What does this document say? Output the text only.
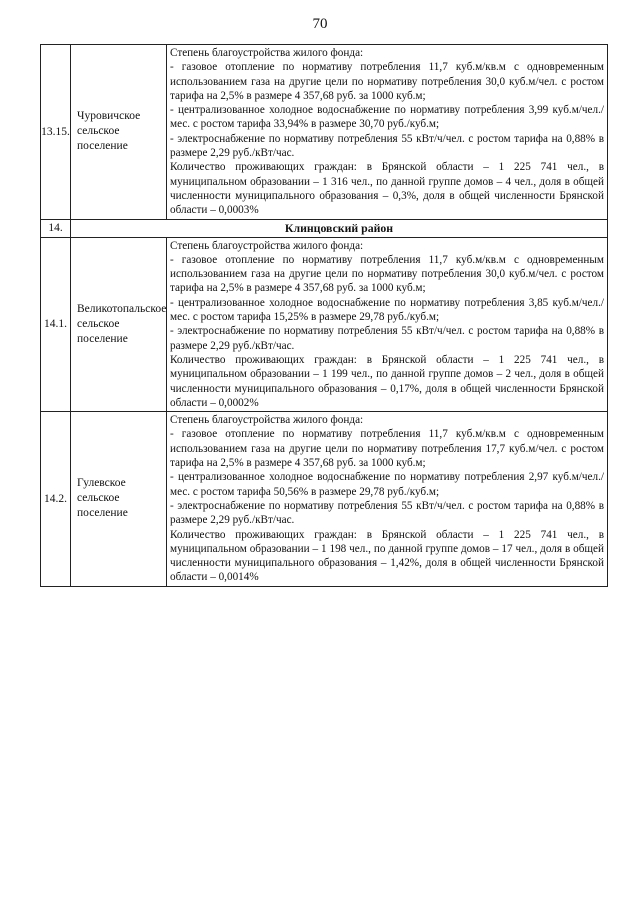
70
13.15.	Чуровичское сельское поселение	Степень благоустройства жилого фонда:
- газовое отопление по нормативу потребления 11,7 куб.м/кв.м с одновременным использованием газа на другие цели по нормативу потребления 30,0 куб.м/чел. с ростом тарифа на 2,5% в размере 4 357,68 руб. за 1000 куб.м;
- централизованное холодное водоснабжение по нормативу потребления 3,99 куб.м/чел./мес. с ростом тарифа 33,94% в размере 30,70 руб./куб.м;
- электроснабжение по нормативу потребления 55 кВт/ч/чел. с ростом тарифа на 0,88% в размере 2,29 руб./кВт/час.
Количество проживающих граждан: в Брянской области – 1 225 741 чел., в муниципальном образовании – 1 316 чел., по данной группе домов – 4 чел., доля в общей численности муниципального образования – 0,3%, доля в общей численности Брянской области – 0,0003%

14.	Клинцовский район	
14.1.	Великотопальское сельское поселение	Степень благоустройства жилого фонда:
- газовое отопление по нормативу потребления 11,7 куб.м/кв.м с одновременным использованием газа на другие цели по нормативу потребления 30,0 куб.м/чел. с ростом тарифа на 2,5% в размере 4 357,68 руб. за 1000 куб.м;
- централизованное холодное водоснабжение по нормативу потребления 3,85 куб.м/чел./мес. с ростом тарифа 15,25% в размере 29,78 руб./куб.м;
- электроснабжение по нормативу потребления 55 кВт/ч/чел. с ростом тарифа на 0,88% в размере 2,29 руб./кВт/час.
Количество проживающих граждан: в Брянской области – 1 225 741 чел., в муниципальном образовании – 1 199 чел., по данной группе домов – 2 чел., доля в общей численности муниципального образования – 0,17%, доля в общей численности Брянской области – 0,0002%

14.2.	Гулевское сельское поселение	Степень благоустройства жилого фонда:
- газовое отопление по нормативу потребления 11,7 куб.м/кв.м с одновременным использованием газа на другие цели по нормативу потребления 17,7 куб.м/чел. с ростом тарифа на 2,5% в размере 4 357,68 руб. за 1000 куб.м;
- централизованное холодное водоснабжение по нормативу потребления 2,97 куб.м/чел./мес. с ростом тарифа 50,56% в размере 29,78 руб./куб.м;
- электроснабжение по нормативу потребления 55 кВт/ч/чел. с ростом тарифа на 0,88% в размере 2,29 руб./кВт/час.
Количество проживающих граждан: в Брянской области – 1 225 741 чел., в муниципальном образовании – 1 198 чел., по данной группе домов – 17 чел., доля в общей численности муниципального образования – 1,42%, доля в общей численности Брянской области – 0,0014%
